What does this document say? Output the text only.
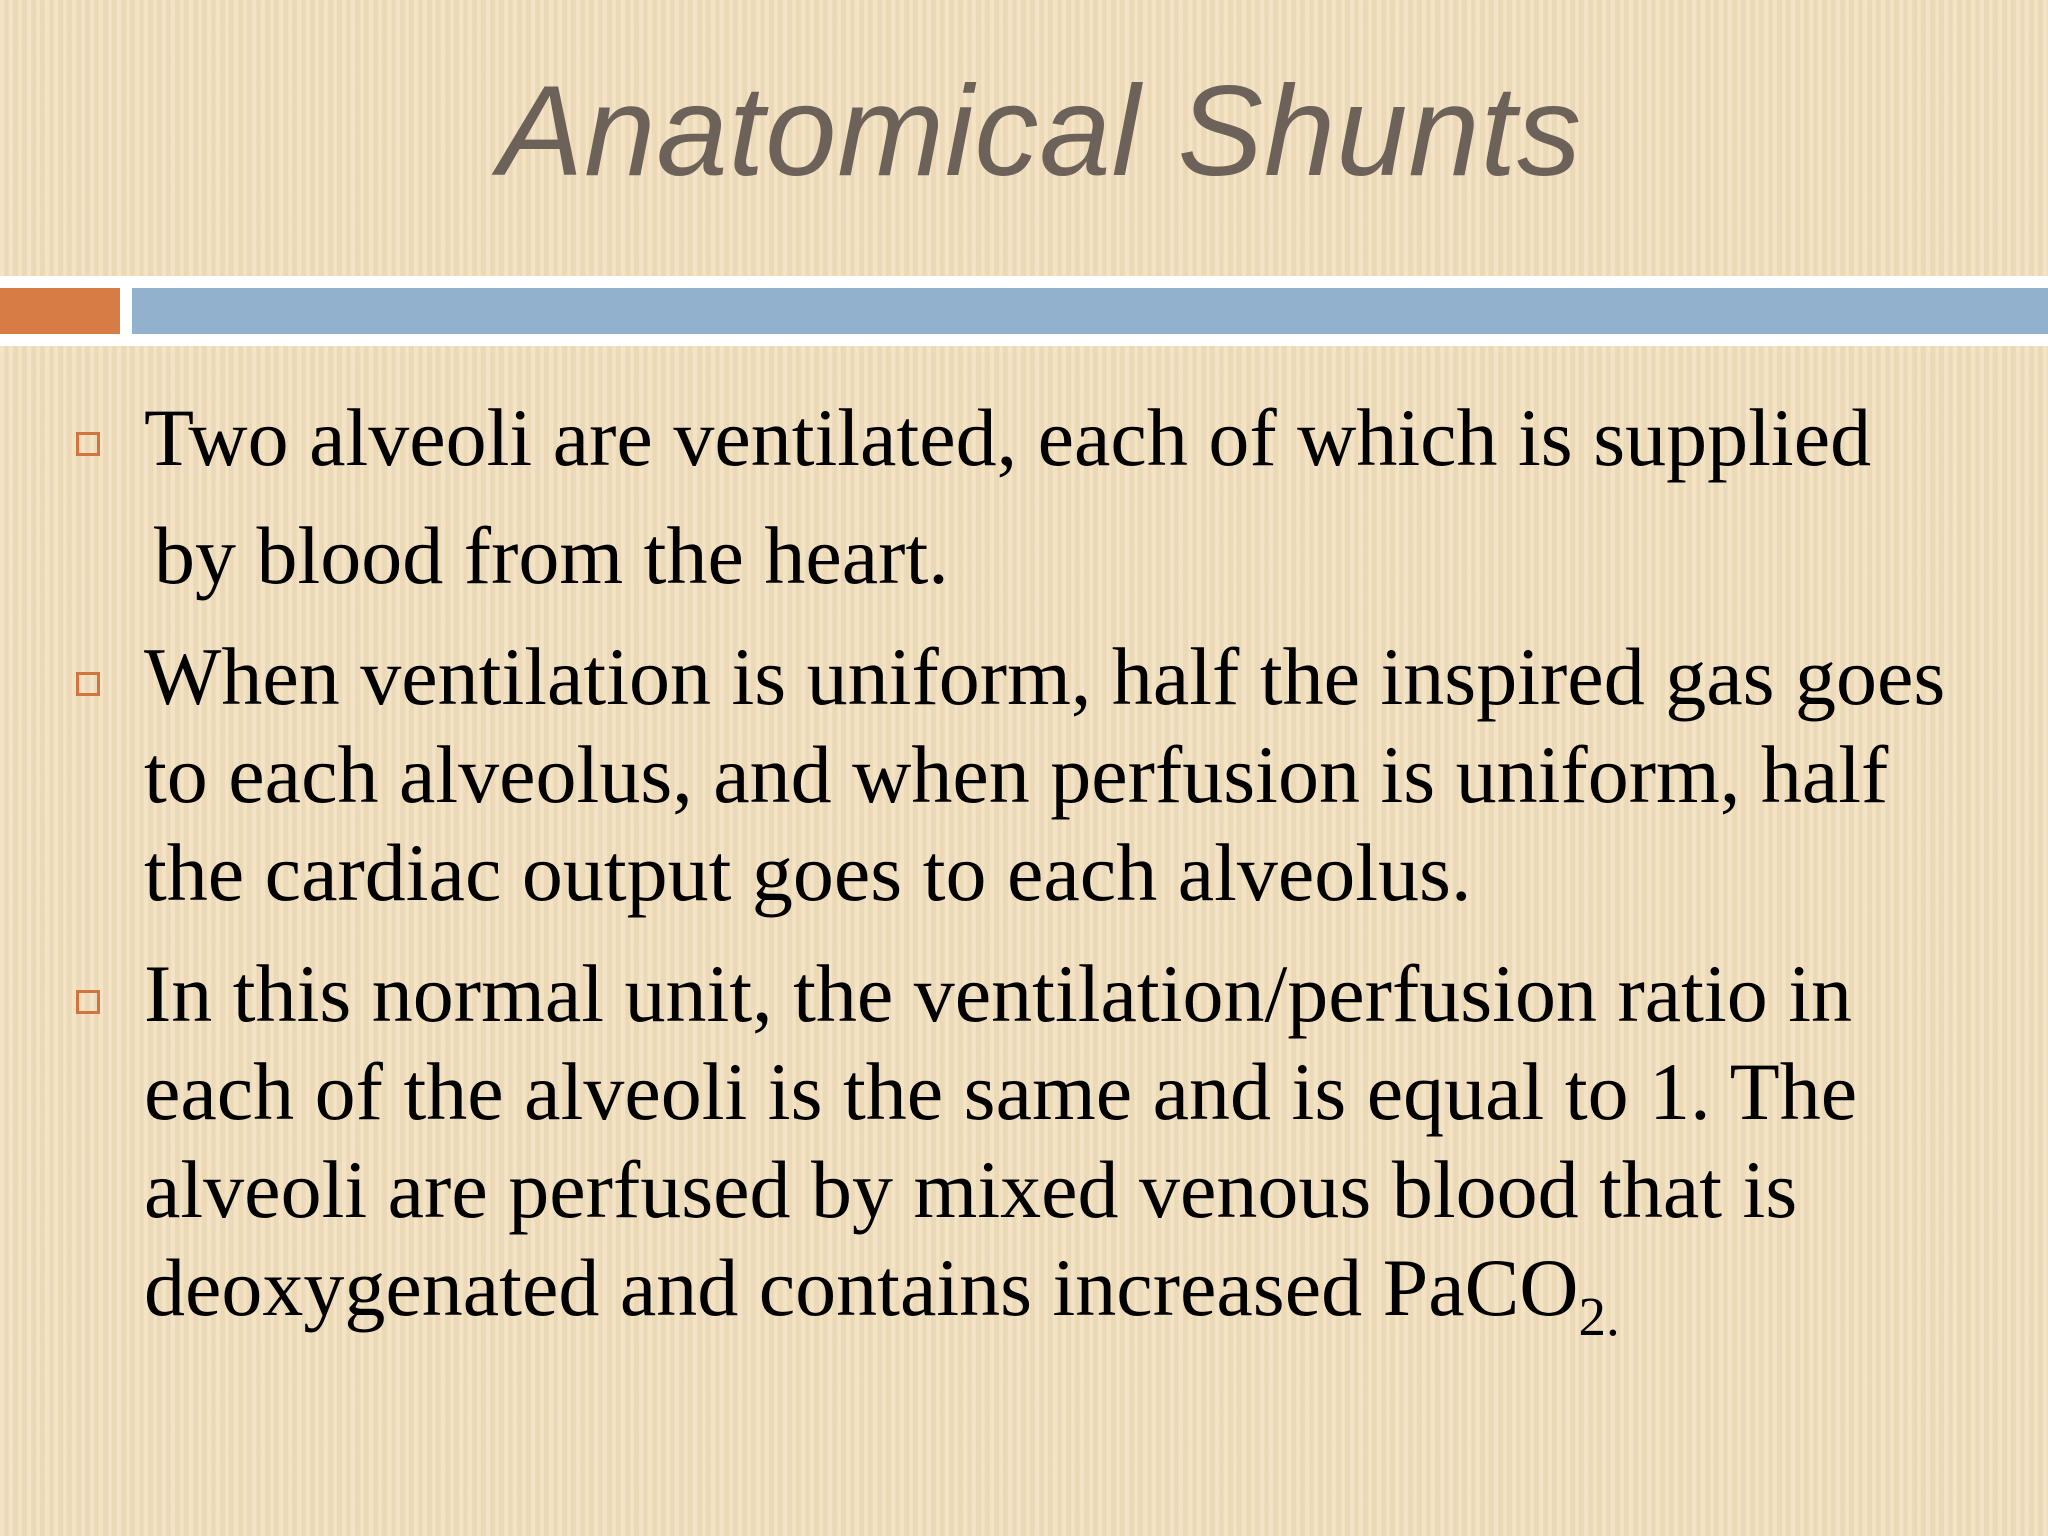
Anatomical Shunts
Two alveoli are ventilated, each of which is supplied
by blood from the heart.
When ventilation is uniform, half the inspired gas goes
to each alveolus, and when perfusion is uniform, half
the cardiac output goes to each alveolus.
In this normal unit, the ventilation/perfusion ratio in
each of the alveoli is the same and is equal to 1. The
alveoli are perfused by mixed venous blood that is
deoxygenated and contains increased PaCO$_{2.}$
